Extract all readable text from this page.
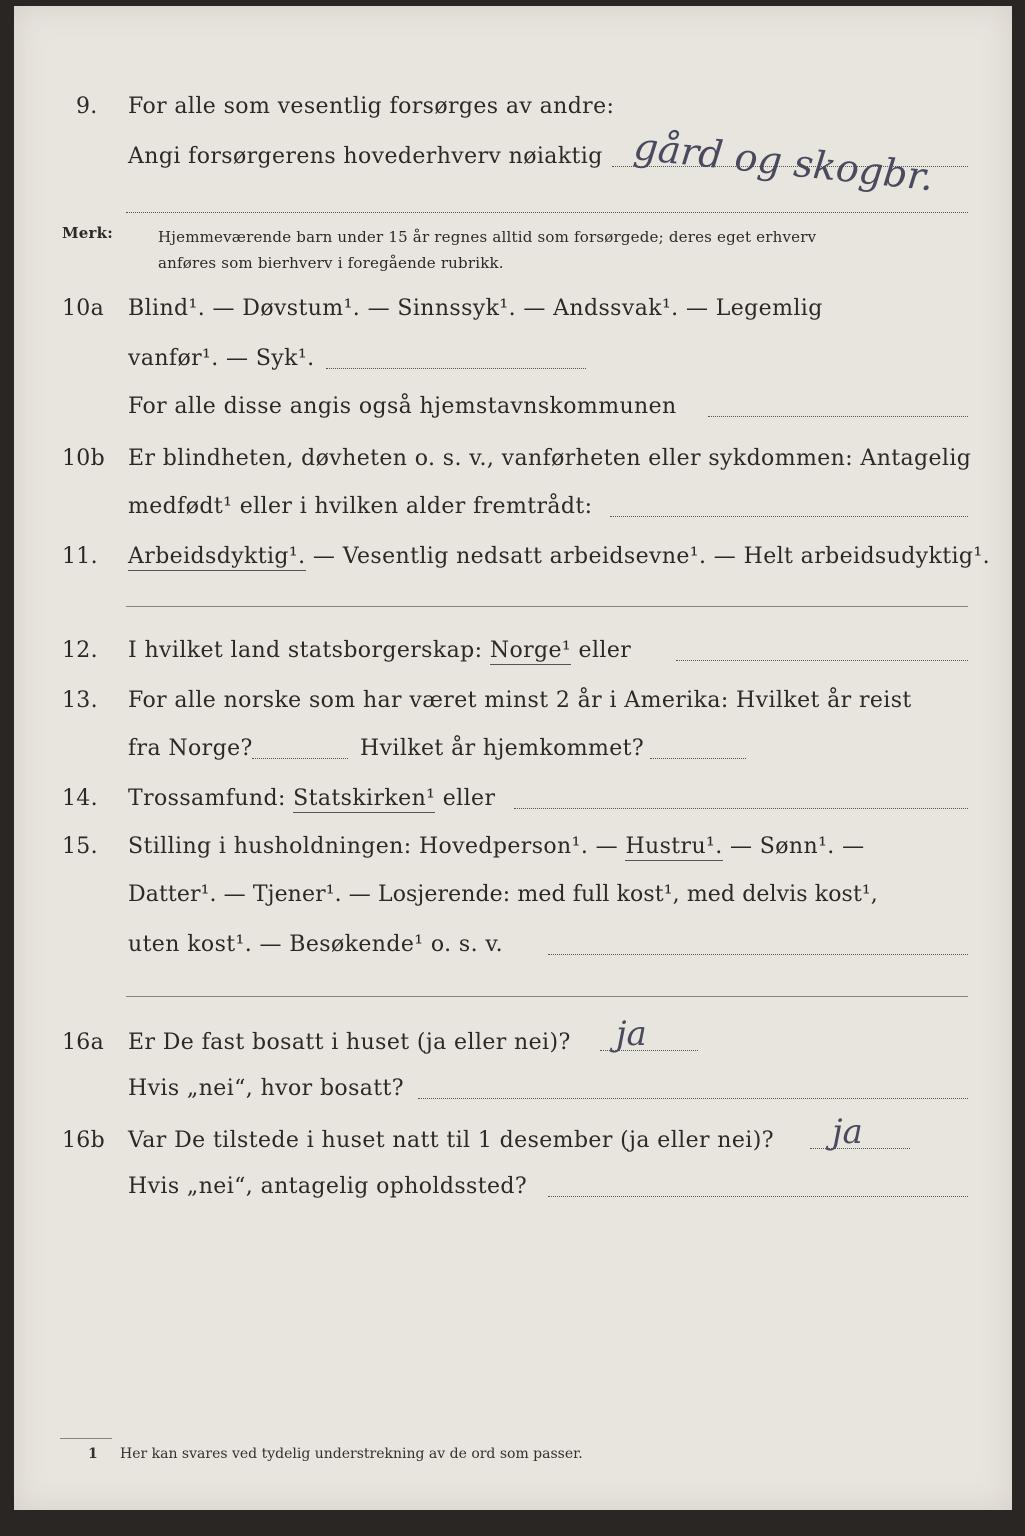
9. For alle som vesentlig forsørges av andre:
Angi forsørgerens hovederhverv nøiaktig gård og skogbr.
Merk:	Hjemmeværende barn under 15 år regnes alltid som forsørgede; deres eget erhverv
anføres som bierhverv i foregående rubrikk.
10a Blind¹. — Døvstum¹. — Sinnssyk¹. — Andssvak¹. — Legemlig
vanfør¹. — Syk¹.
For alle disse angis også hjemstavnskommunen
10b Er blindheten, døvheten o. s. v., vanførheten eller sykdommen: Antagelig
medfødt¹ eller i hvilken alder fremtrådt:
11. Arbeidsdyktig¹. — Vesentlig nedsatt arbeidsevne¹. — Helt arbeidsudyktig¹.
12. I hvilket land statsborgerskap: Norge¹ eller
13. For alle norske som har været minst 2 år i Amerika: Hvilket år reist
fra Norge?	Hvilket år hjemkommet?
14. Trossamfund: Statskirken¹ eller
15. Stilling i husholdningen: Hovedperson¹. — Hustru¹. — Sønn¹. —
Datter¹. — Tjener¹. — Losjerende: med full kost¹, med delvis kost¹,
uten kost¹. — Besøkende¹ o. s. v.
16a Er De fast bosatt i huset (ja eller nei)? ja
Hvis „nei“, hvor bosatt?
16b Var De tilstede i huset natt til 1 desember (ja eller nei)? ja
Hvis „nei“, antagelig opholdssted?
1 Her kan svares ved tydelig understrekning av de ord som passer.
